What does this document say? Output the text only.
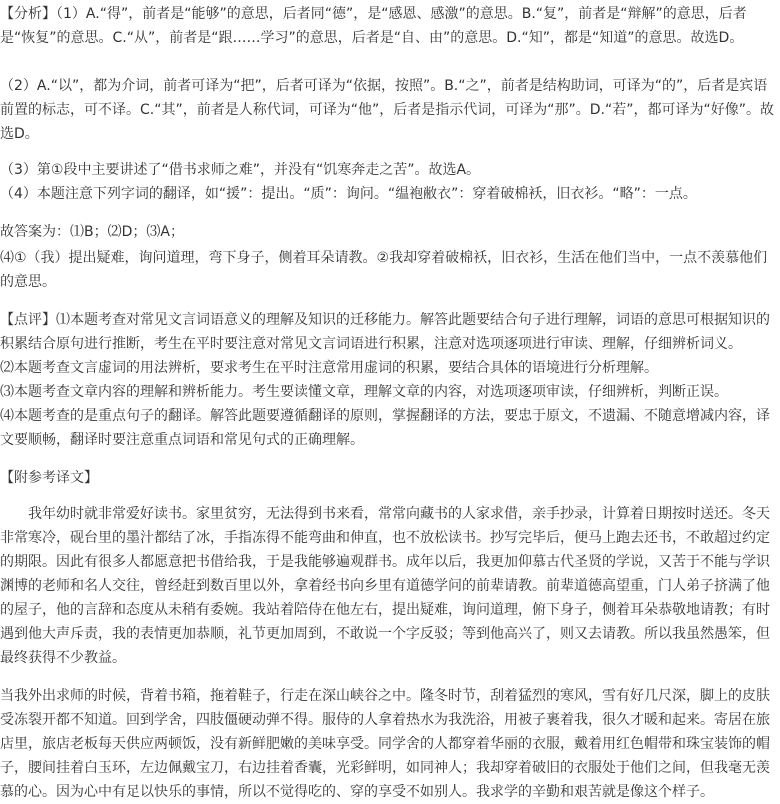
【分析】（1）A.“得”，前者是“能够”的意思，后者同“德”，是“感恩、感激”的意思。B.“复”，前者是“辩解”的意思，后者是“恢复”的意思。C.“从”，前者是“跟……学习”的意思，后者是“自、由”的意思。D.“知”，都是“知道”的意思。故选D。

（2）A.“以”，都为介词，前者可译为“把”，后者可译为“依据，按照”。B.“之”，前者是结构助词，可译为“的”，后者是宾语前置的标志，可不译。C.“其”，前者是人称代词，可译为“他”，后者是指示代词，可译为“那”。D.“若”，都可译为“好像”。故选D。

（3）第①段中主要讲述了“借书求师之难”，并没有“饥寒奔走之苦”。故选A。

（4）本题注意下列字词的翻译，如“援”：提出。“质”：询问。“缊袍敝衣”：穿着破棉袄，旧衣衫。“略”：一点。

故答案为：⑴B；⑵D；⑶A；

⑷①（我）提出疑难，询问道理，弯下身子，侧着耳朵请教。②我却穿着破棉袄，旧衣衫，生活在他们当中，一点不羡慕他们的意思。

【点评】⑴本题考查对常见文言词语意义的理解及知识的迁移能力。解答此题要结合句子进行理解，词语的意思可根据知识的积累结合原句进行推断，考生在平时要注意对常见文言词语进行积累，注意对选项逐项进行审读、理解，仔细辨析词义。

⑵本题考查文言虚词的用法辨析，要求考生在平时注意常用虚词的积累，要结合具体的语境进行分析理解。

⑶本题考查文章内容的理解和辨析能力。考生要读懂文章，理解文章的内容，对选项逐项审读，仔细辨析，判断正误。

⑷本题考查的是重点句子的翻译。解答此题要遵循翻译的原则，掌握翻译的方法，要忠于原文，不遗漏、不随意增减内容，译文要顺畅，翻译时要注意重点词语和常见句式的正确理解。

【附参考译文】

我年幼时就非常爱好读书。家里贫穷，无法得到书来看，常常向藏书的人家求借，亲手抄录，计算着日期按时送还。冬天非常寒冷，砚台里的墨汁都结了冰，手指冻得不能弯曲和伸直，也不放松读书。抄写完毕后，便马上跑去还书，不敢超过约定的期限。因此有很多人都愿意把书借给我，于是我能够遍观群书。成年以后，我更加仰慕古代圣贤的学说，又苦于不能与学识渊博的老师和名人交往，曾经赶到数百里以外，拿着经书向乡里有道德学问的前辈请教。前辈道德高望重，门人弟子挤满了他的屋子，他的言辞和态度从未稍有委婉。我站着陪侍在他左右，提出疑难，询问道理，俯下身子，侧着耳朵恭敬地请教；有时遇到他大声斥责，我的表情更加恭顺，礼节更加周到，不敢说一个字反驳；等到他高兴了，则又去请教。所以我虽然愚笨，但最终获得不少教益。

当我外出求师的时候，背着书箱，拖着鞋子，行走在深山峡谷之中。隆冬时节，刮着猛烈的寒风，雪有好几尺深，脚上的皮肤受冻裂开都不知道。回到学舍，四肢僵硬动弹不得。服侍的人拿着热水为我洗浴，用被子裹着我，很久才暖和起来。寄居在旅店里，旅店老板每天供应两顿饭，没有新鲜肥嫩的美味享受。同学舍的人都穿着华丽的衣服，戴着用红色帽带和珠宝装饰的帽子，腰间挂着白玉环，左边佩戴宝刀，右边挂着香囊，光彩鲜明，如同神人；我却穿着破旧的衣服处于他们之间，但我毫无羡慕的心。因为心中有足以快乐的事情，所以不觉得吃的、穿的享受不如别人。我求学的辛勤和艰苦就是像这个样子。
